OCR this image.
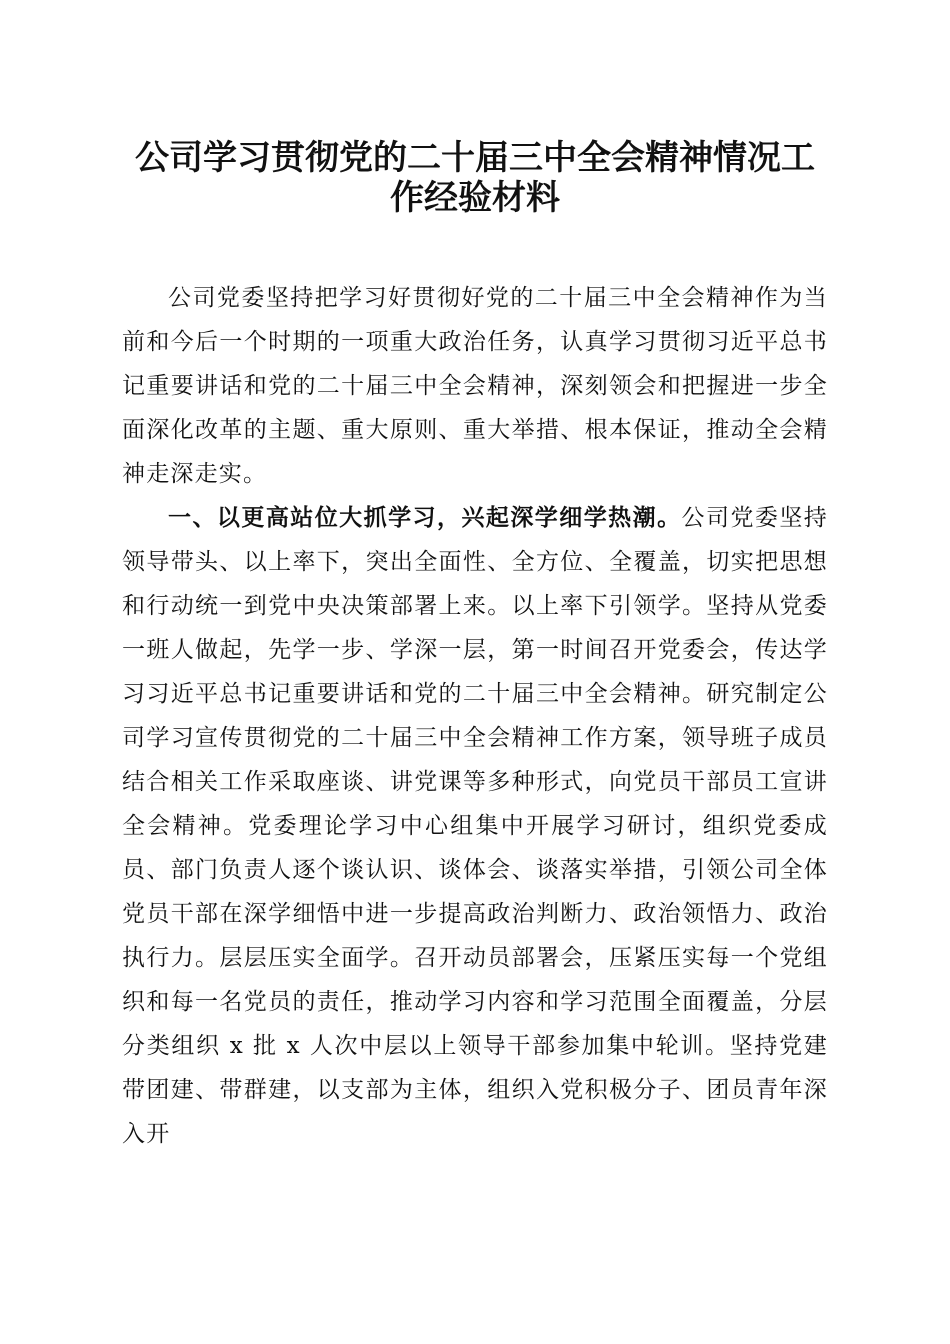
公司学习贯彻党的二十届三中全会精神情况工
作经验材料

公司党委坚持把学习好贯彻好党的二十届三中全会精神作为当前和今后一个时期的一项重大政治任务，认真学习贯彻习近平总书记重要讲话和党的二十届三中全会精神，深刻领会和把握进一步全面深化改革的主题、重大原则、重大举措、根本保证，推动全会精神走深走实。

一、以更高站位大抓学习，兴起深学细学热潮。公司党委坚持领导带头、以上率下，突出全面性、全方位、全覆盖，切实把思想和行动统一到党中央决策部署上来。以上率下引领学。坚持从党委一班人做起，先学一步、学深一层，第一时间召开党委会，传达学习习近平总书记重要讲话和党的二十届三中全会精神。研究制定公司学习宣传贯彻党的二十届三中全会精神工作方案，领导班子成员结合相关工作采取座谈、讲党课等多种形式，向党员干部员工宣讲全会精神。党委理论学习中心组集中开展学习研讨，组织党委成员、部门负责人逐个谈认识、谈体会、谈落实举措，引领公司全体党员干部在深学细悟中进一步提高政治判断力、政治领悟力、政治执行力。层层压实全面学。召开动员部署会，压紧压实每一个党组织和每一名党员的责任，推动学习内容和学习范围全面覆盖，分层分类组织 x 批 x 人次中层以上领导干部参加集中轮训。坚持党建带团建、带群建，以支部为主体，组织入党积极分子、团员青年深入开
